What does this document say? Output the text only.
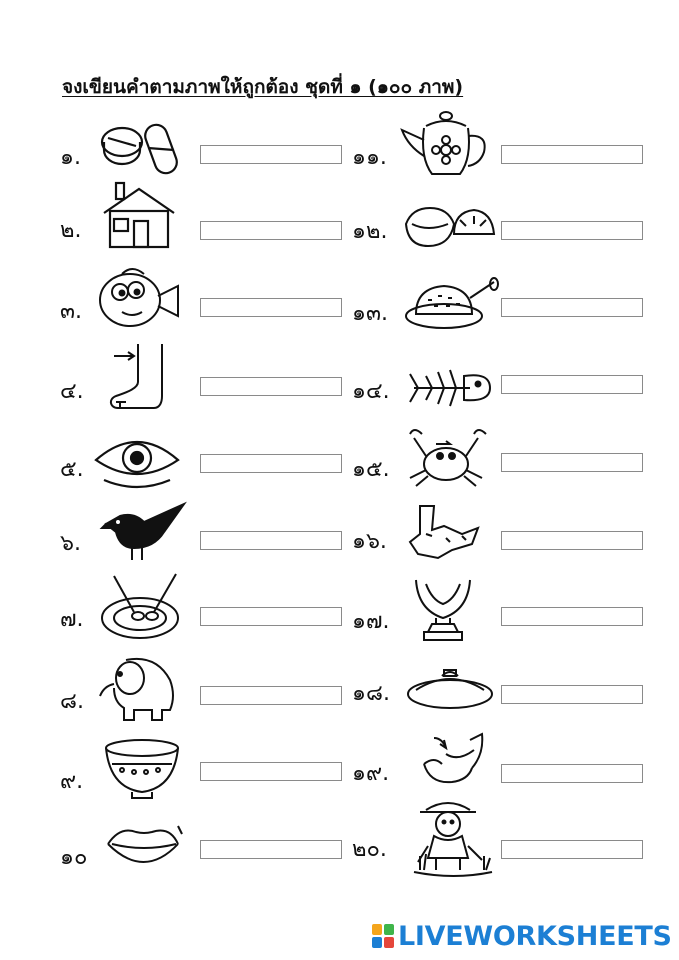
จงเขียนคำตามภาพให้ถูกต้อง ชุดที่ ๑ (๑๐๐ ภาพ)
๑.
๒.
๓.
๔.
๕.
๖.
๗.
๘.
๙.
๑๐
๑๑.
๑๒.
๑๓.
๑๔.
๑๕.
๑๖.
๑๗.
๑๘.
๑๙.
๒๐.
LIVEWORKSHEETS
